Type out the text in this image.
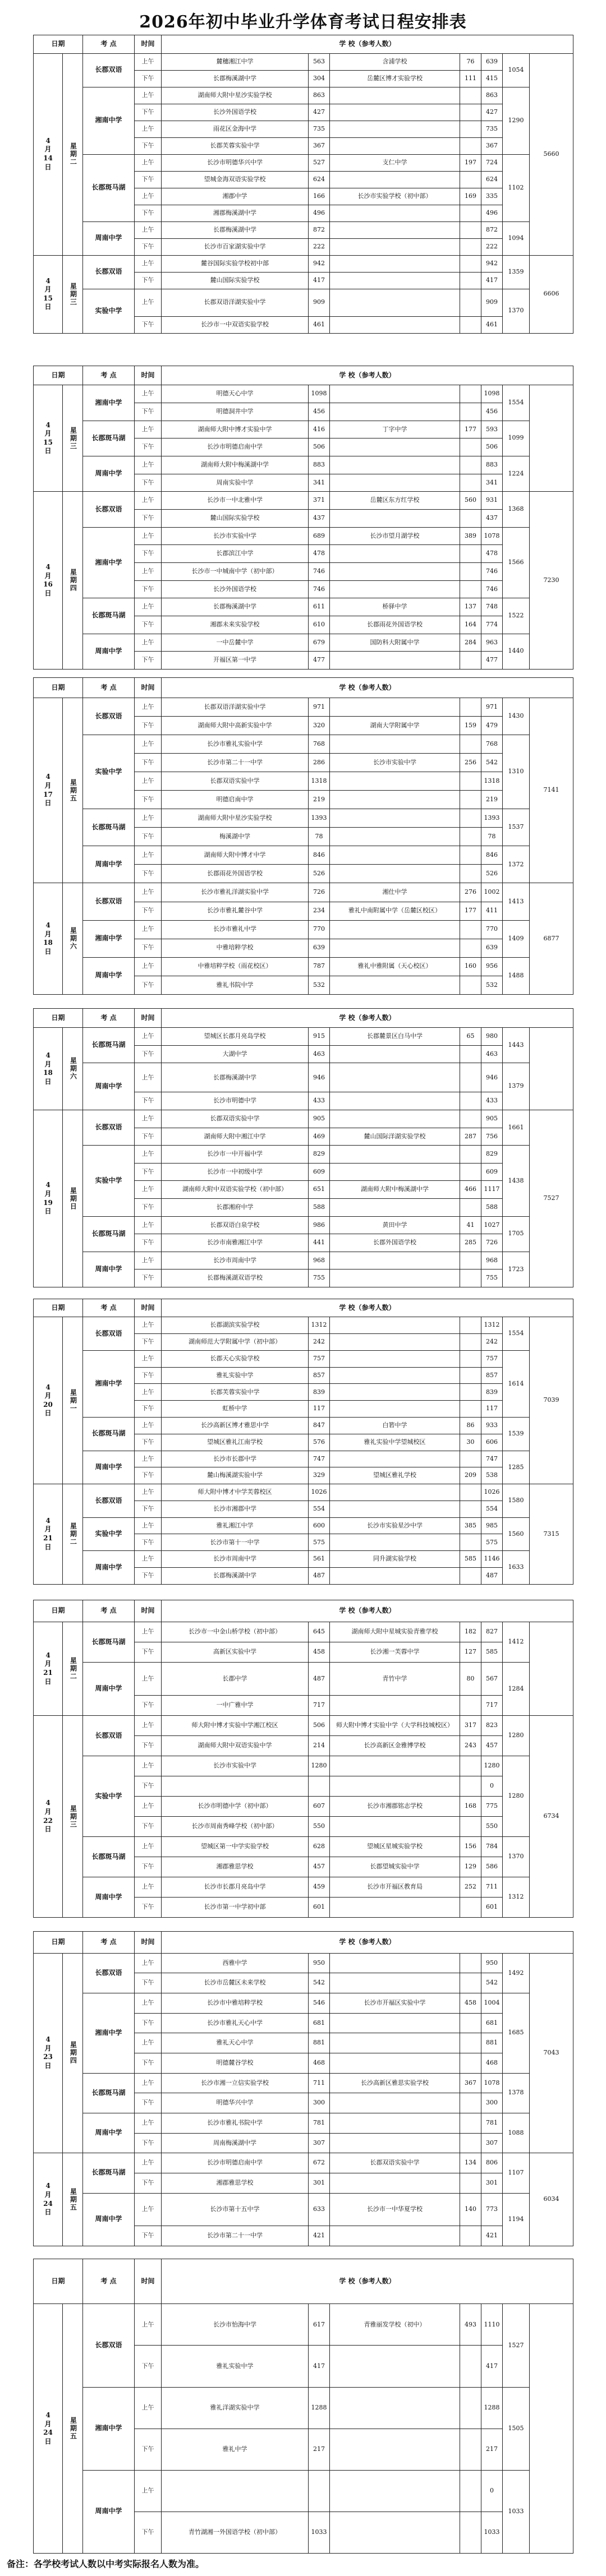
2026年初中毕业升学体育考试日程安排表
日期		考 点	时间	学 校（参考人数）						

4
月
14
日	星期二	长郡双语	上午	麓穗湘江中学	563	含浦学校	76	639	1054	5660
			下午	长郡梅溪湖中学	304	岳麓区博才实验学校	111	415		
		湘南中学	上午	湖南师大附中星沙实验学校	863			863	1290	
			下午	长沙外国语学校	427			427		
			上午	雨花区金海中学	735			735		
			下午	长郡芙蓉实验中学	367			367		
		长郡斑马湖	上午	长沙市明德华兴中学	527	支仁中学	197	724	1102	
			下午	望城金海双语实验学校	624			624		
			上午	湘郡中学	166	长沙市实验学校（初中部）	169	335		
			下午	湘郡梅溪湖中学	496			496		
		周南中学	上午	长郡梅溪湖中学	872			872	1094	
			下午	长沙市百家湖实验中学	222			222		

4
月
15
日	星期三	长郡双语	上午	麓谷国际实验学校初中部	942			942	1359	6606
			下午	麓山国际实验学校	417			417		
		实验中学	上午	长郡双语洋湖实验中学	909			909	1370	
			下午	长沙市一中双语实验学校	461			461		
日期		考 点	时间	学 校（参考人数）						

4
月
15
日	星期三	湘南中学	上午	明德天心中学	1098			1098	1554	
			下午	明德洞井中学	456			456		
		长郡斑马湖	上午	湖南师大附中博才实验中学	416	丁字中学	177	593	1099	
			下午	长沙市明德启南中学	506			506		
		周南中学	上午	湖南师大附中梅溪湖中学	883			883	1224	
			下午	周南实验中学	341			341		

4
月
16
日	星期四	长郡双语	上午	长沙市一中北雅中学	371	岳麓区东方红学校	560	931	1368	7230
			下午	麓山国际实验学校	437			437		
		湘南中学	上午	长沙市实验中学	689	长沙市望月湖学校	389	1078	1566	
			下午	长郡滨江中学	478			478		
			上午	长沙市一中城南中学（初中部）	746			746		
			下午	长沙外国语学校	746			746		
		长郡斑马湖	上午	长郡梅溪湖中学	611	桥驿中学	137	748	1522	
			下午	湘郡未来实验学校	610	长郡雨花外国语学校	164	774		
		周南中学	上午	一中岳麓中学	679	国防科大附属中学	284	963	1440	
			下午	开福区第一中学	477			477		
日期		考 点	时间	学 校（参考人数）						

4
月
17
日	星期五	长郡双语	上午	长郡双语洋湖实验中学	971			971	1430	7141
			下午	湖南师大附中高新实验中学	320	湖南大学附属中学	159	479		
		实验中学	上午	长沙市雅礼实验中学	768			768	1310	
			下午	长沙市第二十一中学	286	长沙市实验中学	256	542		
			上午	长郡双语实验中学	1318			1318		
			下午	明德启南中学	219			219		
		长郡斑马湖	上午	湖南师大附中星沙实验学校	1393			1393	1537	
			下午	梅溪湖中学	78			78		
		周南中学	上午	湖南师大附中博才中学	846			846	1372	
			下午	长郡雨花外国语学校	526			526		

4
月
18
日	星期六	长郡双语	上午	长沙市雅礼洋湖实验中学	726	湘仕中学	276	1002	1413	6877
			下午	长沙市雅礼麓谷中学	234	雅礼中南附属中学（岳麓区校区）	177	411		
		湘南中学	上午	长沙市雅礼中学	770			770	1409	
			下午	中雅培粹学校	639			639		
		周南中学	上午	中雅培粹学校（雨花校区）	787	雅礼中雅附属（天心校区）	160	956	1488	
			下午	雅礼书院中学	532			532		
日期		考 点	时间	学 校（参考人数）						

4
月
18
日	星期六	长郡斑马湖	上午	望城区长郡月亮岛学校	915	长郡麓景区白马中学	65	980	1443	
			下午	大湖中学	463			463		
		周南中学	上午	长郡梅溪湖中学	946			946	1379	
			下午	长沙市明德中学	433			433		

4
月
19
日	星期日	长郡双语	上午	长郡双语实验中学	905			905	1661	7527
			下午	湖南师大附中湘江中学	469	麓山国际洋湖实验学校	287	756		
		实验中学	上午	长沙市一中开福中学	829			829	1438	
			下午	长沙市一中初级中学	609			609		
			上午	湖南师大附中双语实验学校（初中部）	651	湖南师大附中梅溪湖中学	466	1117		
			下午	长郡湘府中学	588			588		
		长郡斑马湖	上午	长郡双语白泉学校	986	黄田中学	41	1027	1705	
			下午	长沙市南雅湘江中学	441	长郡外国语学校	285	726		
		周南中学	上午	长沙市周南中学	968			968	1723	
			下午	长郡梅溪湖双语学校	755			755		
日期		考 点	时间	学 校（参考人数）						

4
月
20
日	星期一	长郡双语	上午	长郡湖滨实验学校	1312			1312	1554	7039
			下午	湖南师范大学附属中学（初中部）	242			242		
		湘南中学	上午	长郡天心实验学校	757			757	1614	
			下午	雅礼实验中学	857			857		
			上午	长郡芙蓉实验中学	839			839		
			下午	虹桥中学	117			117		
		长郡斑马湖	上午	长沙高新区博才雅思中学	847	白箬中学	86	933	1539	
			下午	望城区雅礼江南学校	576	雅礼实验中学望城校区	30	606		
		周南中学	上午	长沙市长郡中学	747			747	1285	
			下午	麓山梅溪湖实验中学	329	望城区雅礼学校	209	538		

4
月
21
日	星期二	长郡双语	上午	师大附中博才中学芙蓉校区	1026			1026	1580	7315
			下午	长沙市湘郡中学	554			554		
		实验中学	上午	雅礼湘江中学	600	长沙市实验星沙中学	385	985	1560	
			下午	长沙市第十一中学	575			575		
		周南中学	上午	长沙市周南中学	561	同升湖实验学校	585	1146	1633	
			下午	长郡梅溪湖中学	487			487		
日期		考 点	时间	学 校（参考人数）						

4
月
21
日	星期二	长郡斑马湖	上午	长沙市一中金山桥学校（初中部）	645	湖南师大附中星城实验青雅学校	182	827	1412	
			下午	高新区实验中学	458	长沙湘一芙蓉中学	127	585		
		周南中学	上午	长郡中学	487	青竹中学	80	567	1284	
			下午	一中广雅中学	717			717		

4
月
22
日	星期三	长郡双语	上午	师大附中博才实验中学湘江校区	506	师大附中博才实验中学（大学科技城校区）	317	823	1280	6734
			下午	湖南师大附中双语实验中学	214	长沙高新区金雅博学校	243	457		
		实验中学	上午	长沙市实验中学	1280			1280	1280	
			下午					0		
			上午	长沙市明德中学（初中部）	607	长沙市湘郡铭志学校	168	775		
			下午	长沙市周南秀峰学校（初中部）	550			550		
		长郡斑马湖	上午	望城区第一中学实验学校	628	望城区星城实验学校	156	784	1370	
			下午	湘郡雅思学校	457	长郡望城实验中学	129	586		
		周南中学	上午	长沙市长郡月亮岛中学	459	长沙市开福区教育局	252	711	1312	
			下午	长沙市第一中学初中部	601			601		
日期		考 点	时间	学 校（参考人数）						

4
月
23
日	星期四	长郡双语	上午	西雅中学	950			950	1492	7043
			下午	长沙市岳麓区未来学校	542			542		
		湘南中学	上午	长沙市中雅培粹学校	546	长沙市开福区实验中学	458	1004	1685	
			下午	长沙市雅礼天心中学	681			681		
			上午	雅礼天心中学	881			881		
			下午	明德麓谷学校	468			468		
		长郡斑马湖	上午	长沙市湘一立信实验学校	711	长沙高新区雅思实验学校	367	1078	1378	
			下午	明德华兴中学	300			300		
		周南中学	上午	长沙市雅礼书院中学	781			781	1088	
			下午	周南梅溪湖中学	307			307		

4
月
24
日	星期五	长郡斑马湖	上午	长沙市明德启南中学	672	长郡双语实验中学	134	806	1107	6034
			下午	湘郡雅思学校	301			301		
		周南中学	上午	长沙市第十五中学	633	长沙市一中华夏学校	140	773	1194	
			下午	长沙市第二十一中学	421			421		
日期		考 点	时间	学 校（参考人数）						

4
月
24
日	星期五	长郡双语	上午	长沙市怡海中学	617	青雅丽发学校（初中）	493	1110	1527	
			下午	雅礼实验中学	417			417		
		湘南中学	上午	雅礼洋湖实验中学	1288			1288	1505	
			下午	雅礼中学	217			217		
		周南中学	上午					0	1033	
			下午	青竹湖湘一外国语学校（初中部）	1033			1033		
备注：各学校考试人数以中考实际报名人数为准。
